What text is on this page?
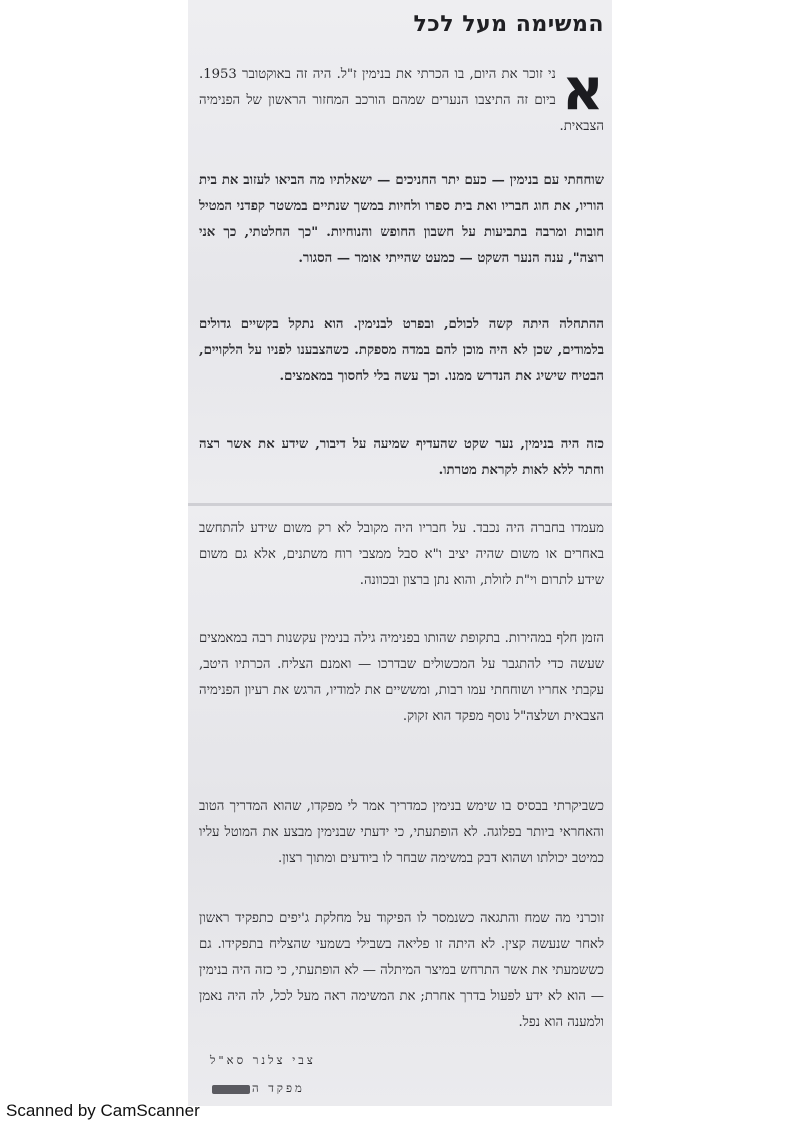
המשימה מעל לכל
א
ני זוכר את היום, בו הכרתי את בנימין ז"ל. היה זה באוקטובר 1953. ביום זה התיצבו הנערים שמהם הורכב המחזור הראשון של הפנימיה הצבאית.
שוחחתי עם בנימין — כעם יתר החניכים — ישאלתיו מה הביאו לעזוב את בית הוריו, את חוג חבריו ואת בית ספרו ולחיות במשך שנתיים במשטר קפדני המטיל חובות ומרבה בתביעות על חשבון החופש והנוחיות. "כך החלטתי, כך אני רוצה", ענה הנער השקט — כמעט שהייתי אומר — הסגור.
ההתחלה היתה קשה לכולם, ובפרט לבנימין. הוא נתקל בקשיים גדולים בלמודים, שכן לא היה מוכן להם במדה מספקת. כשהצבענו לפניו על הלקויים, הבטיח שישיג את הנדרש ממנו. וכך עשה בלי לחסוך במאמצים.
כזה היה בנימין, נער שקט שהעדיף שמיעה על דיבור, שידע את אשר רצה וחתר ללא לאות לקראת מטרתו.
מעמדו בחברה היה נכבד. על חבריו היה מקובל לא רק משום שידע להתחשב באחרים או משום שהיה יציב ו"א סבל ממצבי רוח משתנים, אלא גם משום שידע לתרום וי"ת לזולת, והוא נתן ברצון ובכוונה.
הזמן חלף במהירות. בתקופת שהותו בפנימיה גילה בנימין עקשנות רבה במאמצים שעשה כדי להתגבר על המכשולים שבדרכו — ואמנם הצליח. הכרתיו היטב, עקבתי אחריו ושוחחתי עמו רבות, ומששיים את למודיו, הרגש את רעיון הפנימיה הצבאית ושלצה"ל נוסף מפקד הוא זקוק.
כשביקרתי בבסיס בו שימש בנימין כמדריך אמר לי מפקדו, שהוא המדריך הטוב והאחראי ביותר בפלוגה. לא הופתעתי, כי ידעתי שבנימין מבצע את המוטל עליו כמיטב יכולתו ושהוא דבק במשימה שבחר לו ביודעים ומתוך רצון.
זוכרני מה שמח והתגאה כשנמסר לו הפיקוד על מחלקת ג'יפים כתפקיד ראשון לאחר שנעשה קצין. לא היתה זו פליאה בשבילי בשמעי שהצליח בתפקידו. גם כששמעתי את אשר התרחש במיצר המיתלה — לא הופתעתי, כי כזה היה בנימין — הוא לא ידע לפעול בדרך אחרת; את המשימה ראה מעל לכל, לה היה נאמן ולמענה הוא נפל.
צבי צלנר סא"ל
מפקד ה
Scanned by CamScanner
